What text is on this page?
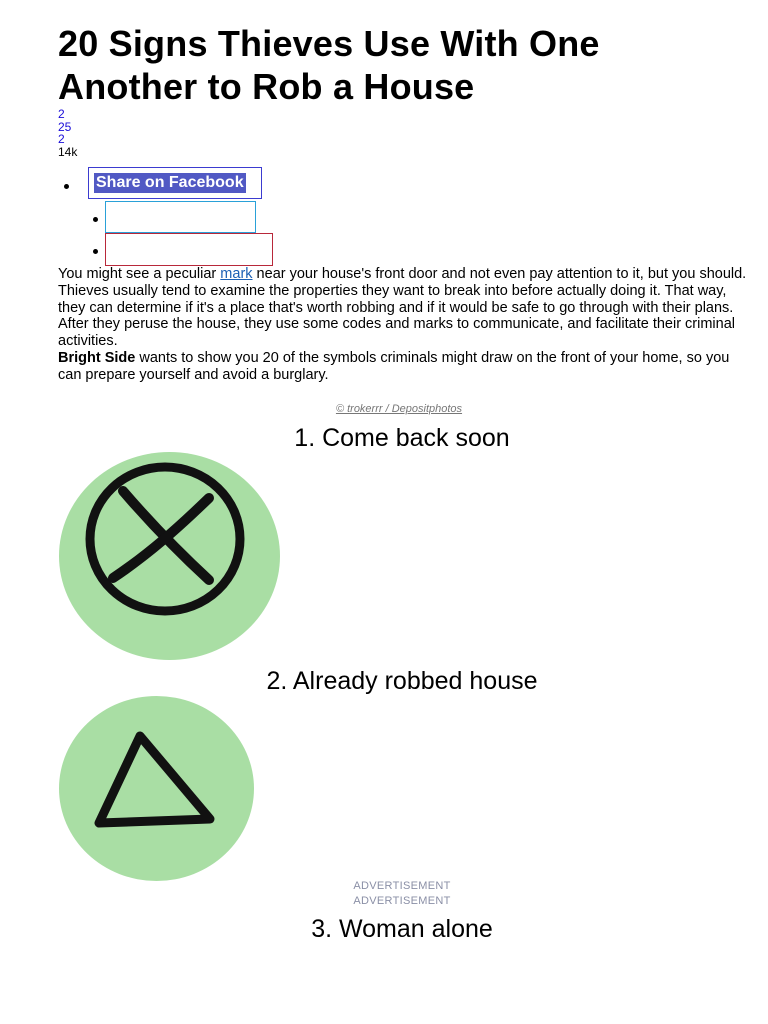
20 Signs Thieves Use With One Another to Rob a House
2
25
2
14k
Share on Facebook

You might see a peculiar mark near your house's front door and not even pay attention to it, but you should. Thieves usually tend to examine the properties they want to break into before actually doing it. That way, they can determine if it's a place that's worth robbing and if it would be safe to go through with their plans. After they peruse the house, they use some codes and marks to communicate, and facilitate their criminal activities.

Bright Side wants to show you 20 of the symbols criminals might draw on the front of your home, so you can prepare yourself and avoid a burglary.

© trokerrr / Depositphotos
1. Come back soon
2. Already robbed house
ADVERTISEMENT
ADVERTISEMENT
3. Woman alone
